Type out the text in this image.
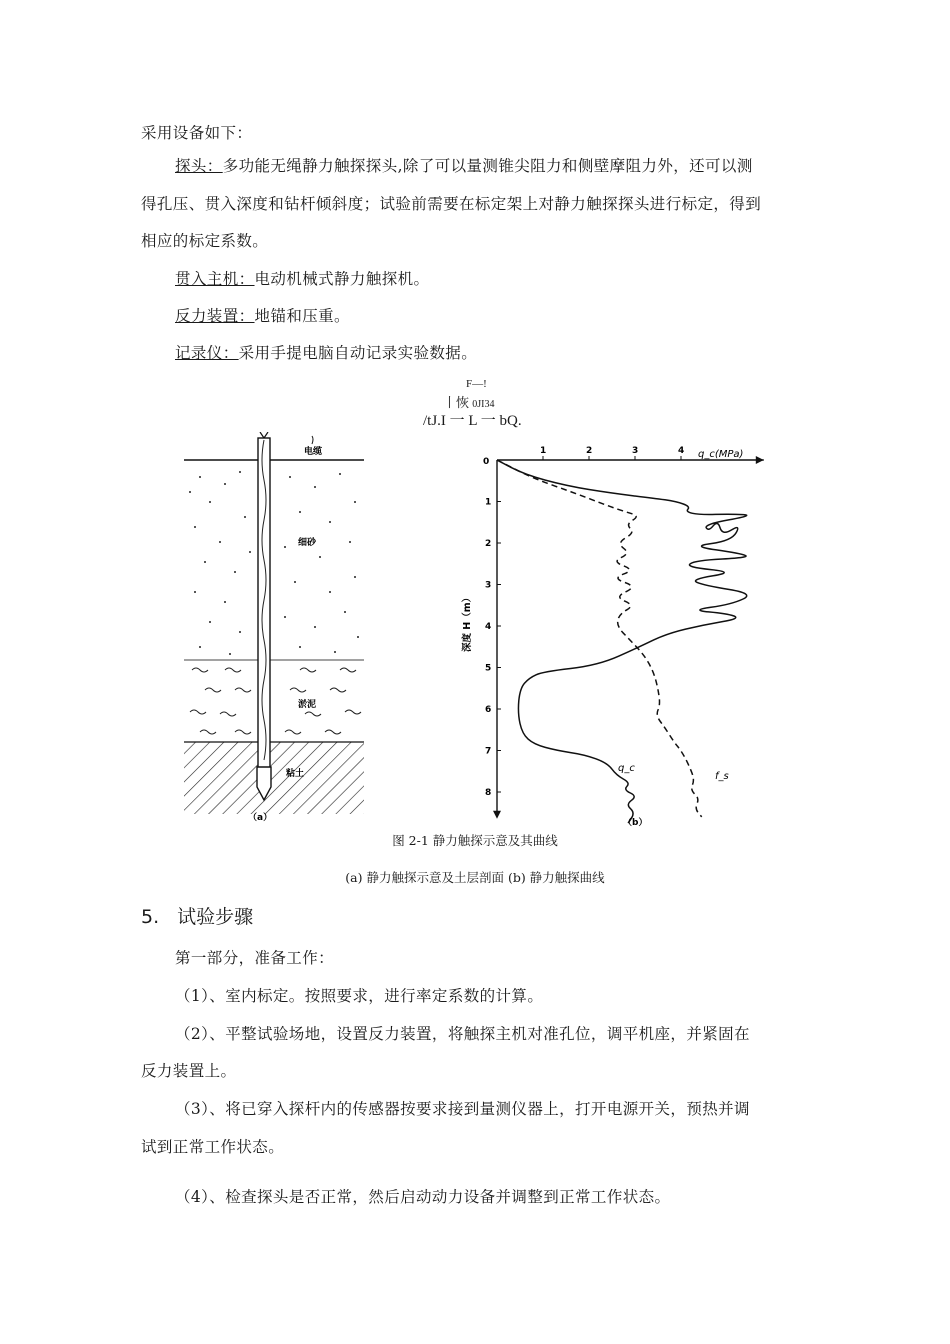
采用设备如下：
探头：多功能无绳静力触探探头,除了可以量测锥尖阻力和侧壁摩阻力外，还可以测
得孔压、贯入深度和钻杆倾斜度；试验前需要在标定架上对静力触探探头进行标定，得到
相应的标定系数。
贯入主机：电动机械式静力触探机。
反力装置：地锚和压重。
记录仪：采用手提电脑自动记录实验数据。
F—!
丨恢 0JI34
/tJ.I 一 L 一 bQ.
电缆
细砂
淤泥
粘土
（a）
0
1	2	3	4
1
2
3
4
5
6
7
8
q_c(MPa)
深度 H（m）
（b）
q_c
f_s
图 2-1 静力触探示意及其曲线
(a) 静力触探示意及土层剖面 (b) 静力触探曲线
5. 试验步骤
第一部分，准备工作：
（1）、室内标定。按照要求，进行率定系数的计算。
（2）、平整试验场地，设置反力装置，将触探主机对准孔位，调平机座，并紧固在
反力装置上。
（3）、将已穿入探杆内的传感器按要求接到量测仪器上，打开电源开关，预热并调
试到正常工作状态。
（4）、检查探头是否正常，然后启动动力设备并调整到正常工作状态。
